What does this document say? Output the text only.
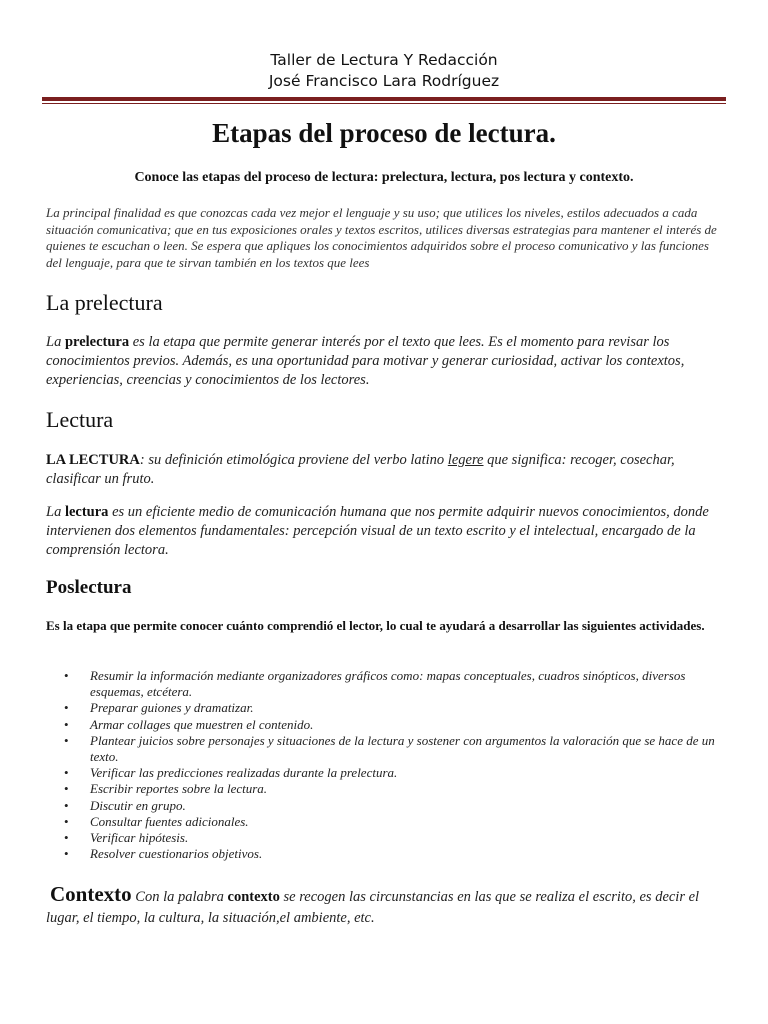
Taller de Lectura Y Redacción
José Francisco Lara Rodríguez
Etapas del proceso de lectura.
Conoce las etapas del proceso de lectura: prelectura, lectura, pos lectura y contexto.
La principal finalidad es que conozcas cada vez mejor el lenguaje y su uso; que utilices los niveles, estilos adecuados a cada situación comunicativa; que en tus exposiciones orales y textos escritos, utilices diversas estrategias para mantener el interés de quienes te escuchan o leen. Se espera que apliques los conocimientos adquiridos sobre el proceso comunicativo y las funciones del lenguaje, para que te sirvan también en los textos que lees
La prelectura
La prelectura es la etapa que permite generar interés por el texto que lees. Es el momento para revisar los conocimientos previos. Además, es una oportunidad para motivar y generar curiosidad, activar los contextos, experiencias, creencias y conocimientos de los lectores.
Lectura
LA LECTURA: su definición etimológica proviene del verbo latino legere que significa: recoger, cosechar, clasificar un fruto.
La lectura es un eficiente medio de comunicación humana que nos permite adquirir nuevos conocimientos, donde intervienen dos elementos fundamentales: percepción visual de un texto escrito y el intelectual, encargado de la comprensión lectora.
Poslectura
Es la etapa que permite conocer cuánto comprendió el lector, lo cual te ayudará a desarrollar las siguientes actividades.
• Resumir la información mediante organizadores gráficos como: mapas conceptuales, cuadros sinópticos, diversos esquemas, etcétera.
• Preparar guiones y dramatizar.
• Armar collages que muestren el contenido.
• Plantear juicios sobre personajes y situaciones de la lectura y sostener con argumentos la valoración que se hace de un texto.
• Verificar las predicciones realizadas durante la prelectura.
• Escribir reportes sobre la lectura.
• Discutir en grupo.
• Consultar fuentes adicionales.
• Verificar hipótesis.
• Resolver cuestionarios objetivos.
Contexto Con la palabra contexto se recogen las circunstancias en las que se realiza el escrito, es decir el lugar, el tiempo, la cultura, la situación,el ambiente, etc.
